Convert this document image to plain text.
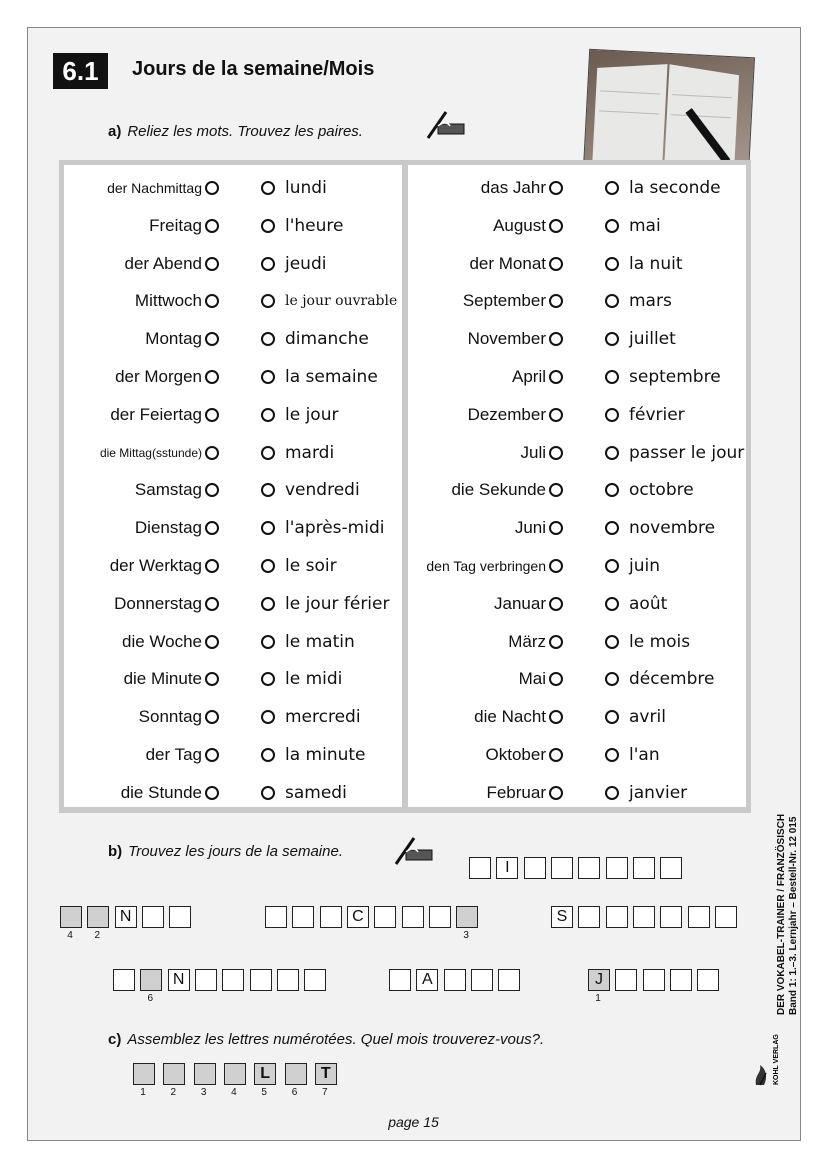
6.1	Jours de la semaine/Mois
a) Reliez les mots. Trouvez les paires.
der Nachmittag	lundi
Freitag	l'heure
der Abend	jeudi
Mittwoch	le jour ouvrable
Montag	dimanche
der Morgen	la semaine
der Feiertag	le jour
die Mittag(sstunde)	mardi
Samstag	vendredi
Dienstag	l'après-midi
der Werktag	le soir
Donnerstag	le jour férier
die Woche	le matin
die Minute	le midi
Sonntag	mercredi
der Tag	la minute
die Stunde	samedi
das Jahr	la seconde
August	mai
der Monat	la nuit
September	mars
November	juillet
April	septembre
Dezember	février
Juli	passer le jour
die Sekunde	octobre
Juni	novembre
den Tag verbringen	juin
Januar	août
März	le mois
Mai	décembre
die Nacht	avril
Oktober	l'an
Februar	janvier
b) Trouvez les jours de la semaine.
I
4	2
N	C
3
S
6
N	A	J
1
c) Assemblez les lettres numérotées. Quel mois trouverez-vous?.
1	2	3	4
L
5	6
T
7
DER VOKABEL-TRAINER / FRANZÖSISCH Band 1: 1.–3. Lernjahr – Bestell-Nr. 12 015
KOHL VERLAG
page 15
